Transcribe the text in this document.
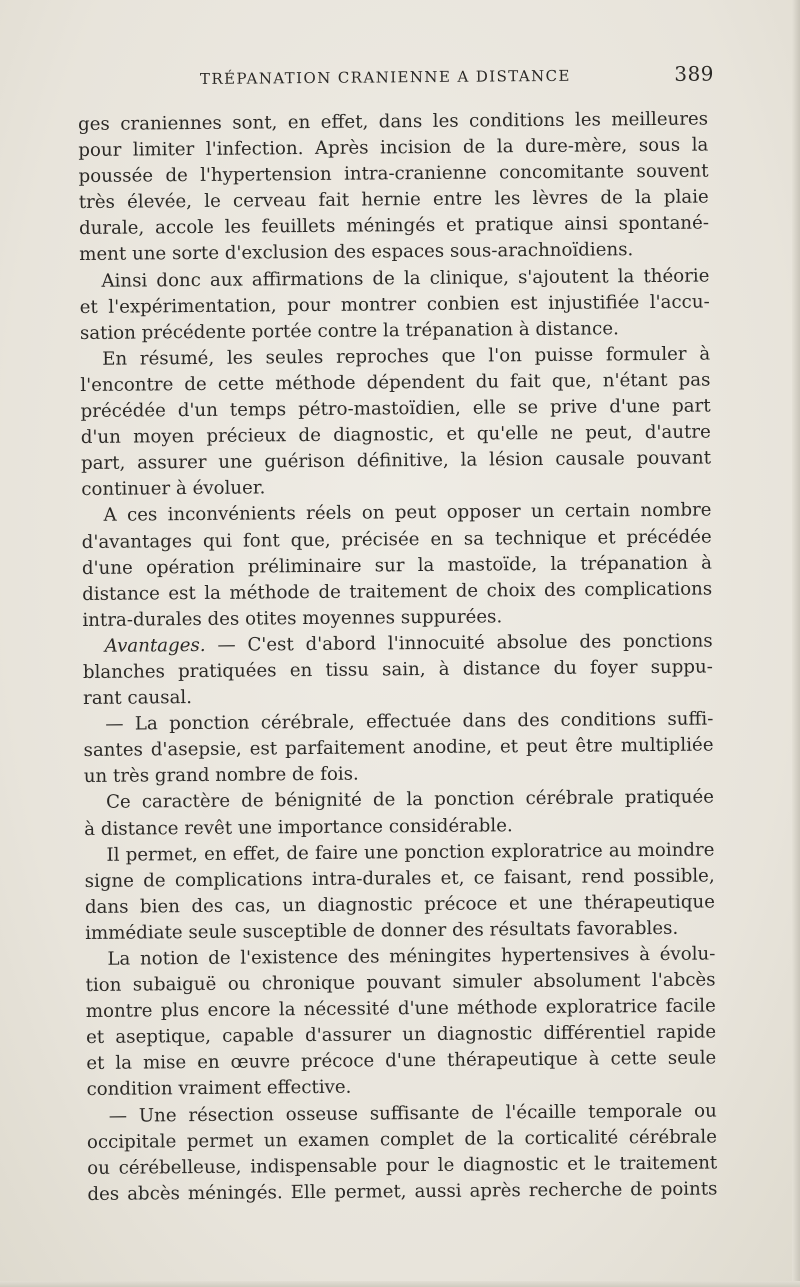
TRÉPANATION CRANIENNE A DISTANCE	389
ges craniennes sont, en effet, dans les conditions les meilleures
pour limiter l'infection. Après incision de la dure-mère, sous la
poussée de l'hypertension intra-cranienne concomitante souvent
très élevée, le cerveau fait hernie entre les lèvres de la plaie
durale, accole les feuillets méningés et pratique ainsi spontané-
ment une sorte d'exclusion des espaces sous-arachnoïdiens.
Ainsi donc aux affirmations de la clinique, s'ajoutent la théorie
et l'expérimentation, pour montrer conbien est injustifiée l'accu-
sation précédente portée contre la trépanation à distance.
En résumé, les seules reproches que l'on puisse formuler à
l'encontre de cette méthode dépendent du fait que, n'étant pas
précédée d'un temps pétro-mastoïdien, elle se prive d'une part
d'un moyen précieux de diagnostic, et qu'elle ne peut, d'autre
part, assurer une guérison définitive, la lésion causale pouvant
continuer à évoluer.
A ces inconvénients réels on peut opposer un certain nombre
d'avantages qui font que, précisée en sa technique et précédée
d'une opération préliminaire sur la mastoïde, la trépanation à
distance est la méthode de traitement de choix des complications
intra-durales des otites moyennes suppurées.
Avantages. — C'est d'abord l'innocuité absolue des ponctions
blanches pratiquées en tissu sain, à distance du foyer suppu-
rant causal.
— La ponction cérébrale, effectuée dans des conditions suffi-
santes d'asepsie, est parfaitement anodine, et peut être multipliée
un très grand nombre de fois.
Ce caractère de bénignité de la ponction cérébrale pratiquée
à distance revêt une importance considérable.
Il permet, en effet, de faire une ponction exploratrice au moindre
signe de complications intra-durales et, ce faisant, rend possible,
dans bien des cas, un diagnostic précoce et une thérapeutique
immédiate seule susceptible de donner des résultats favorables.
La notion de l'existence des méningites hypertensives à évolu-
tion subaiguë ou chronique pouvant simuler absolument l'abcès
montre plus encore la nécessité d'une méthode exploratrice facile
et aseptique, capable d'assurer un diagnostic différentiel rapide
et la mise en œuvre précoce d'une thérapeutique à cette seule
condition vraiment effective.
— Une résection osseuse suffisante de l'écaille temporale ou
occipitale permet un examen complet de la corticalité cérébrale
ou cérébelleuse, indispensable pour le diagnostic et le traitement
des abcès méningés. Elle permet, aussi après recherche de points
